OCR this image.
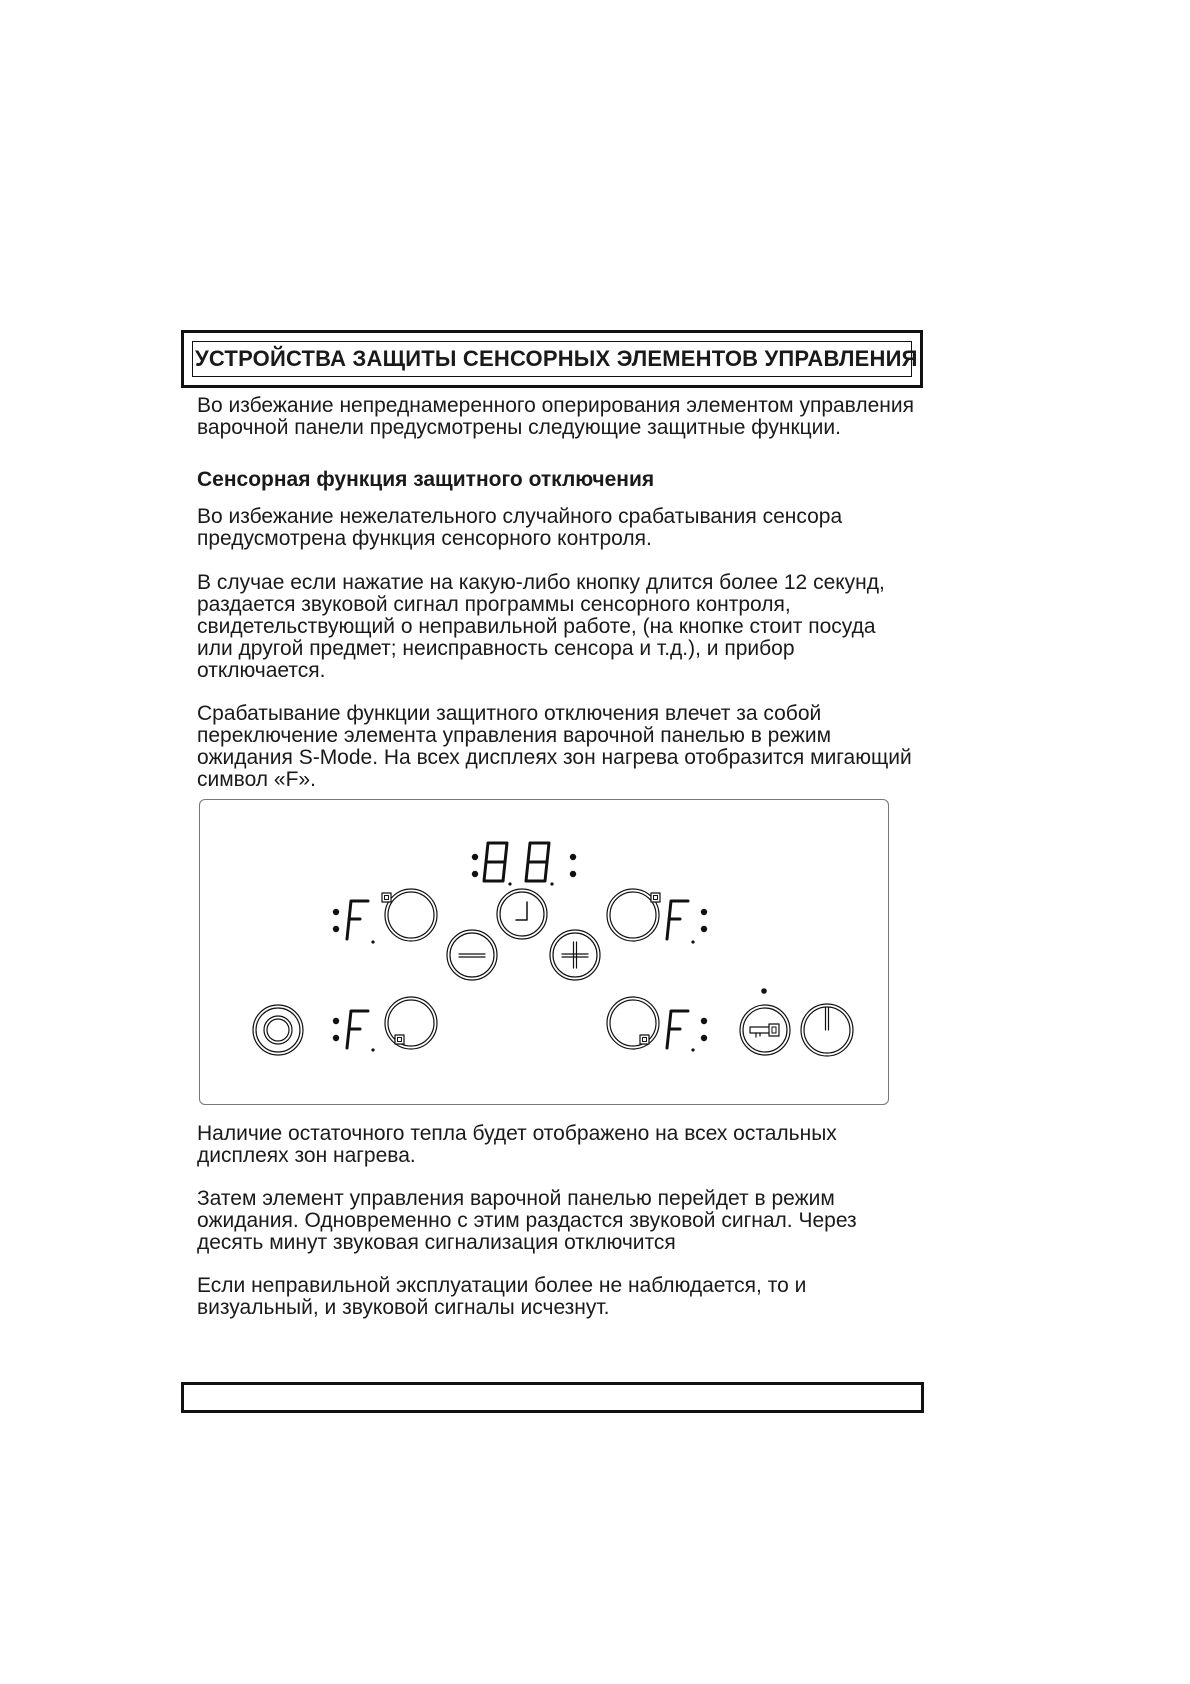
УСТРОЙСТВА ЗАЩИТЫ СЕНСОРНЫХ ЭЛЕМЕНТОВ УПРАВЛЕНИЯ
Во избежание непреднамеренного оперирования элементом управления
варочной панели предусмотрены следующие защитные функции.
Сенсорная функция защитного отключения
Во избежание нежелательного случайного срабатывания сенсора
предусмотрена функция сенсорного контроля.
В случае если нажатие на какую-либо кнопку длится более 12 секунд,
раздается звуковой сигнал программы сенсорного контроля,
свидетельствующий о неправильной работе, (на кнопке стоит посуда
или другой предмет; неисправность сенсора и т.д.), и прибор
отключается.
Срабатывание функции защитного отключения влечет за собой
переключение элемента управления варочной панелью в режим
ожидания S-Mode. На всех дисплеях зон нагрева отобразится мигающий
символ «F».
Наличие остаточного тепла будет отображено на всех остальных
дисплеях зон нагрева.
Затем элемент управления варочной панелью перейдет в режим
ожидания. Одновременно с этим раздастся звуковой сигнал. Через
десять минут звуковая сигнализация отключится
Если неправильной эксплуатации более не наблюдается, то и
визуальный, и звуковой сигналы исчезнут.
